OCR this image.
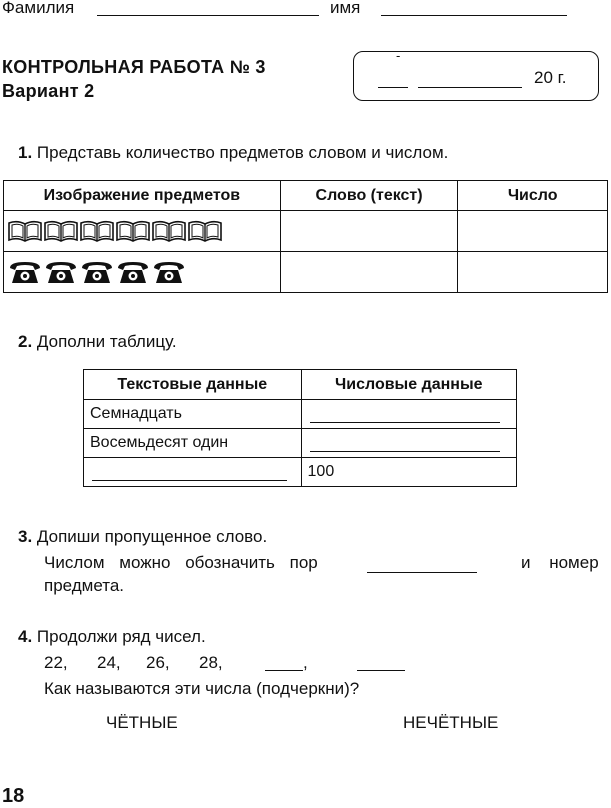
Фамилия	имя
КОНТРОЛЬНАЯ РАБОТА № 3
Вариант 2
-
20 г.
1. Представь количество предметов словом и числом.
Изображение предметов	Слово (текст)	Число

2. Дополни таблицу.
Текстовые данные	Числовые данные
Семнадцать	

Восемьдесят один	

	100
3. Допиши пропущенное слово.
Числом можно обозначить пор	и номер
предмета.
4. Продолжи ряд чисел.
22, 24, 26, 28,	,
Как называются эти числа (подчеркни)?
ЧЁТНЫЕ	НЕЧЁТНЫЕ
18
